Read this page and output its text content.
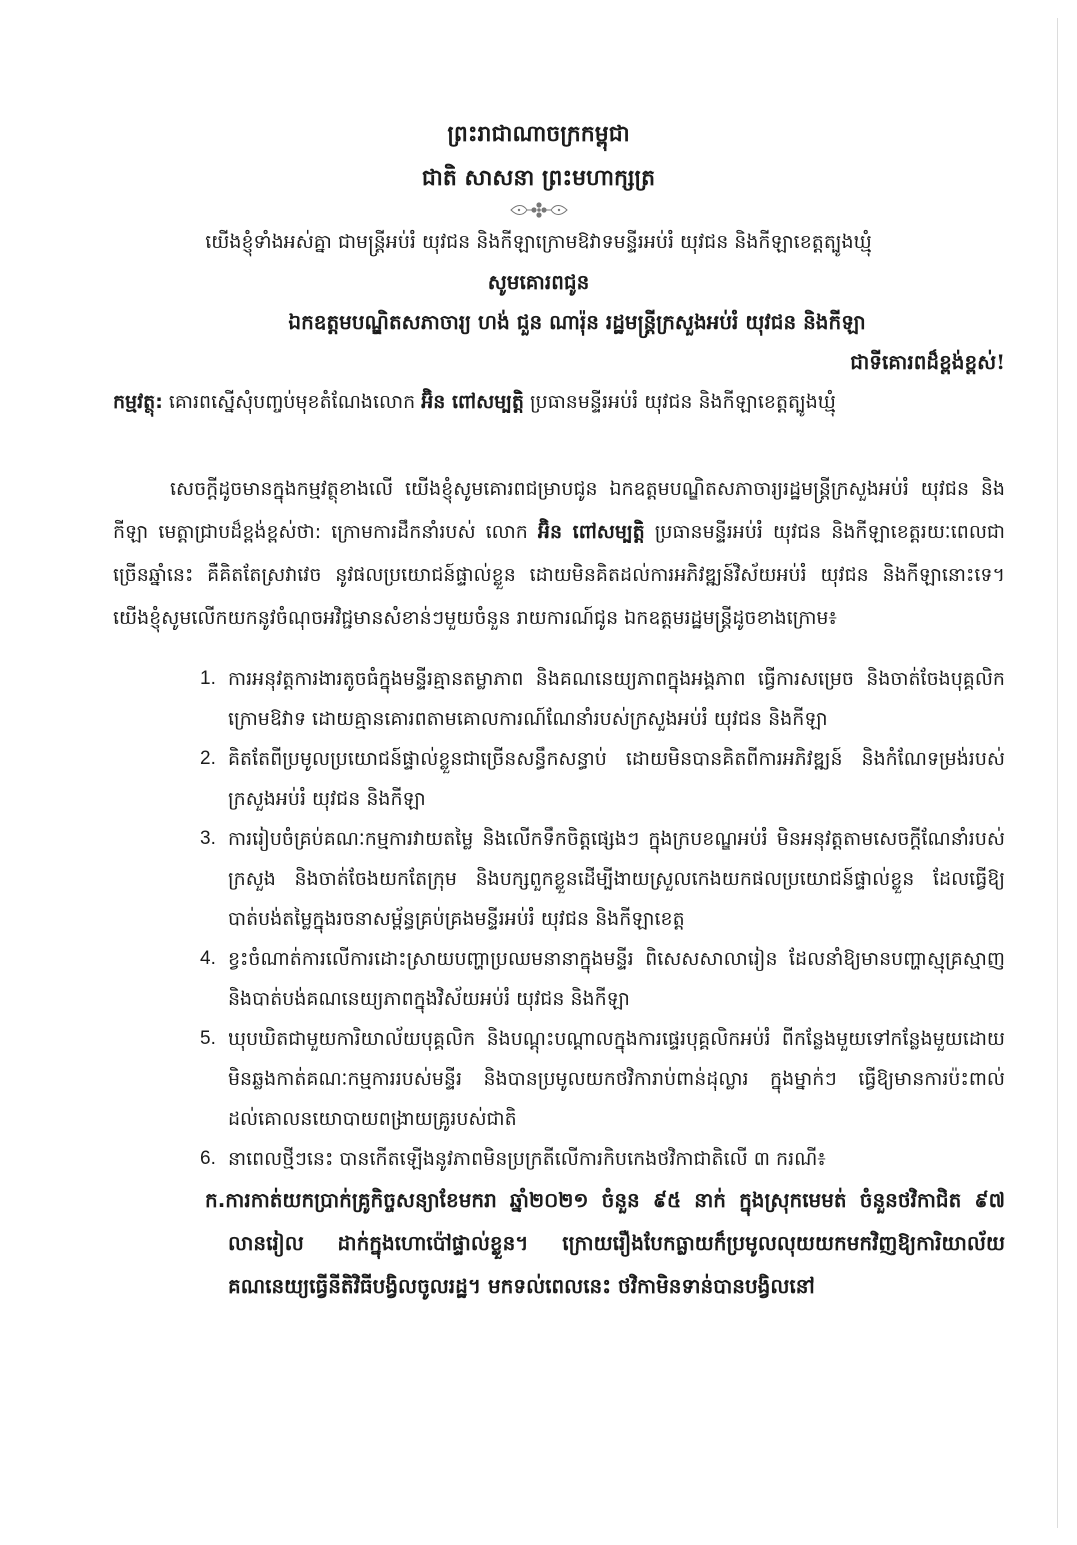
ព្រះរាជាណាចក្រកម្ពុជា
ជាតិ សាសនា ព្រះមហាក្សត្រ
យើងខ្ញុំទាំងអស់គ្នា ជាមន្ត្រីអប់រំ យុវជន និងកីឡាក្រោមឱវាទមន្ទីរអប់រំ យុវជន និងកីឡាខេត្តត្បូងឃ្មុំ
សូមគោរពជូន
ឯកឧត្តមបណ្ឌិតសភាចារ្យ ហង់ ជួន ណារ៉ុន រដ្ឋមន្ត្រីក្រសួងអប់រំ យុវជន និងកីឡា
ជាទីគោរពដ៏ខ្ពង់ខ្ពស់!
កម្មវត្ថុ: គោរពស្នើសុំបញ្ចប់មុខតំណែងលោក អ៊ិន ពៅសម្បត្តិ ប្រធានមន្ទីរអប់រំ យុវជន និងកីឡាខេត្តត្បូងឃ្មុំ

សេចក្តីដូចមានក្នុងកម្មវត្ថុខាងលើ យើងខ្ញុំសូមគោរពជម្រាបជូន ឯកឧត្តមបណ្ឌិតសភាចារ្យរដ្ឋមន្ត្រីក្រសួងអប់រំ យុវជន និងកីឡា មេត្តាជ្រាបដ៏ខ្ពង់ខ្ពស់ថា: ក្រោមការដឹកនាំរបស់ លោក អ៊ិន ពៅសម្បត្តិ ប្រធានមន្ទីរអប់រំ យុវជន និងកីឡាខេត្តរយៈពេលជាច្រើនឆ្នាំនេះ គឺគិតតែស្រវាវេច នូវផលប្រយោជន៍ផ្ទាល់ខ្លួន ដោយមិនគិតដល់ការអភិវឌ្ឍន៍វិស័យអប់រំ យុវជន និងកីឡានោះទេ។ យើងខ្ញុំសូមលើកយកនូវចំណុចអវិជ្ជមានសំខាន់ៗមួយចំនួន រាយការណ៍ជូន ឯកឧត្តមរដ្ឋមន្ត្រីដូចខាងក្រោម៖

1. ការអនុវត្តការងារតូចធំក្នុងមន្ទីរគ្មានតម្លាភាព និងគណនេយ្យភាពក្នុងអង្គភាព ធ្វើការសម្រេច និងចាត់ចែងបុគ្គលិកក្រោមឱវាទ ដោយគ្មានគោរពតាមគោលការណ៍ណែនាំរបស់ក្រសួងអប់រំ យុវជន និងកីឡា
2. គិតតែពីប្រមូលប្រយោជន៍ផ្ទាល់ខ្លួនជាច្រើនសន្ធឹកសន្ធាប់ ដោយមិនបានគិតពីការអភិវឌ្ឍន៍ និងកំណែទម្រង់របស់ក្រសួងអប់រំ យុវជន និងកីឡា
3. ការរៀបចំគ្រប់គណៈកម្មការវាយតម្លៃ និងលើកទឹកចិត្តផ្សេងៗ ក្នុងក្របខណ្ឌអប់រំ មិនអនុវត្តតាមសេចក្តីណែនាំរបស់ក្រសួង និងចាត់ចែងយកតែក្រុម និងបក្សពួកខ្លួនដើម្បីងាយស្រួលកេងយកផលប្រយោជន៍ផ្ទាល់ខ្លួន ដែលធ្វើឱ្យបាត់បង់តម្លៃក្នុងរចនាសម្ព័ន្ធគ្រប់គ្រងមន្ទីរអប់រំ យុវជន និងកីឡាខេត្ត
4. ខ្វះចំណាត់ការលើការដោះស្រាយបញ្ហាប្រឈមនានាក្នុងមន្ទីរ ពិសេសសាលារៀន ដែលនាំឱ្យមានបញ្ហាស្មុគ្រស្មាញ និងបាត់បង់គណនេយ្យភាពក្នុងវិស័យអប់រំ យុវជន និងកីឡា
5. ឃុបឃិតជាមួយការិយាល័យបុគ្គលិក និងបណ្តុះបណ្តាលក្នុងការផ្ទេរបុគ្គលិកអប់រំ ពីកន្លែងមួយទៅកន្លែងមួយដោយមិនឆ្លងកាត់គណៈកម្មការរបស់មន្ទីរ និងបានប្រមូលយកថវិការាប់ពាន់ដុល្លារ ក្នុងម្នាក់ៗ ធ្វើឱ្យមានការប៉ះពាល់ដល់គោលនយោបាយពង្រាយគ្រូរបស់ជាតិ
6. នាពេលថ្មីៗនេះ បានកើតឡើងនូវភាពមិនប្រក្រតីលើការកិបកេងថវិកាជាតិលើ ៣ ករណី៖
ក.ការកាត់យកប្រាក់គ្រូកិច្ចសន្យាខែមករា ឆ្នាំ២០២១ ចំនួន ៩៥ នាក់ ក្នុងស្រុកមេមត់ ចំនួនថវិកាជិត ៩៧ លានរៀល ដាក់ក្នុងហោប៉ៅផ្ទាល់ខ្លួន។ ក្រោយរឿងបែកធ្លាយក៏ប្រមូលលុយយកមកវិញឱ្យការិយាល័យគណនេយ្យធ្វើនីតិវិធីបង្វិលចូលរដ្ឋ។ មកទល់ពេលនេះ ថវិកាមិនទាន់បានបង្វិលនៅ
